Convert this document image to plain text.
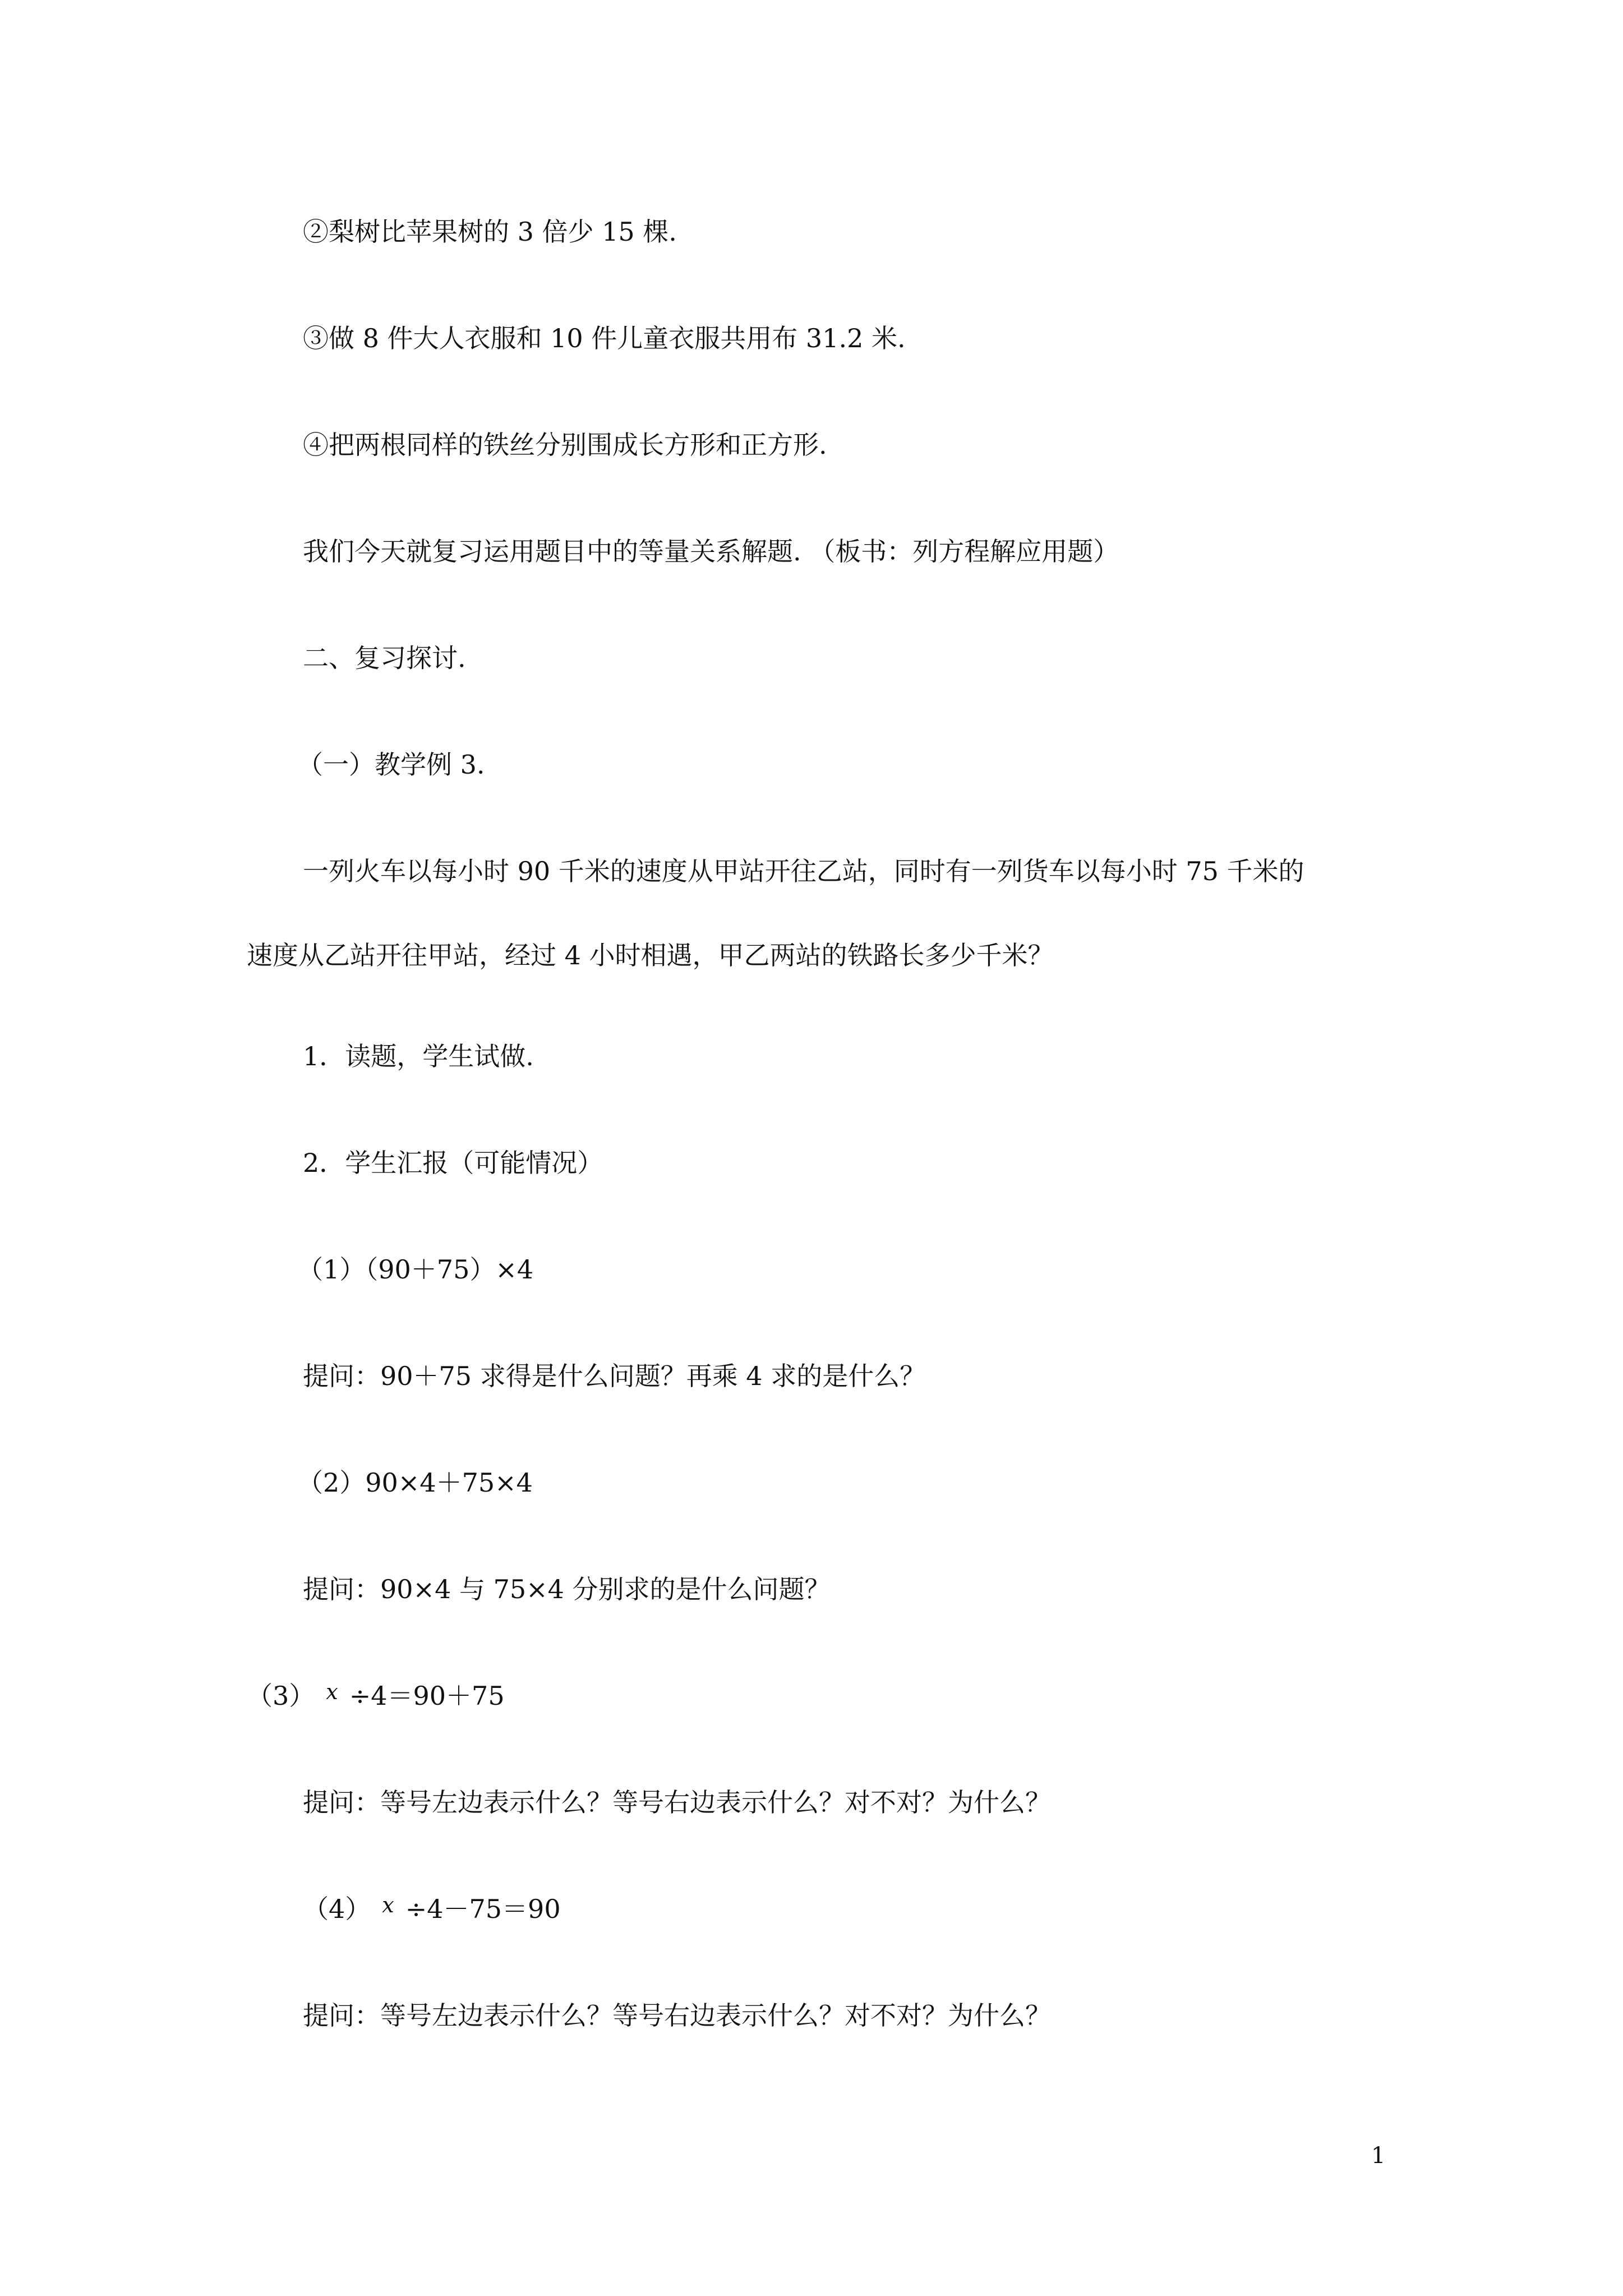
②梨树比苹果树的 3 倍少 15 棵.
③做 8 件大人衣服和 10 件儿童衣服共用布 31.2 米.
④把两根同样的铁丝分别围成长方形和正方形.
我们今天就复习运用题目中的等量关系解题. （板书：列方程解应用题）
二、复习探讨.
（一）教学例 3.
一列火车以每小时 90 千米的速度从甲站开往乙站，同时有一列货车以每小时 75 千米的
速度从乙站开往甲站，经过 4 小时相遇，甲乙两站的铁路长多少千米？
1．读题，学生试做.
2．学生汇报（可能情况）
（1）（90＋75）×4
提问：90＋75 求得是什么问题？再乘 4 求的是什么？
（2）90×4＋75×4
提问：90×4 与 75×4 分别求的是什么问题？
（3） $^x$ ÷4＝90＋75
提问：等号左边表示什么？等号右边表示什么？对不对？为什么？
（4） $^x$ ÷4－75＝90
提问：等号左边表示什么？等号右边表示什么？对不对？为什么？
1
